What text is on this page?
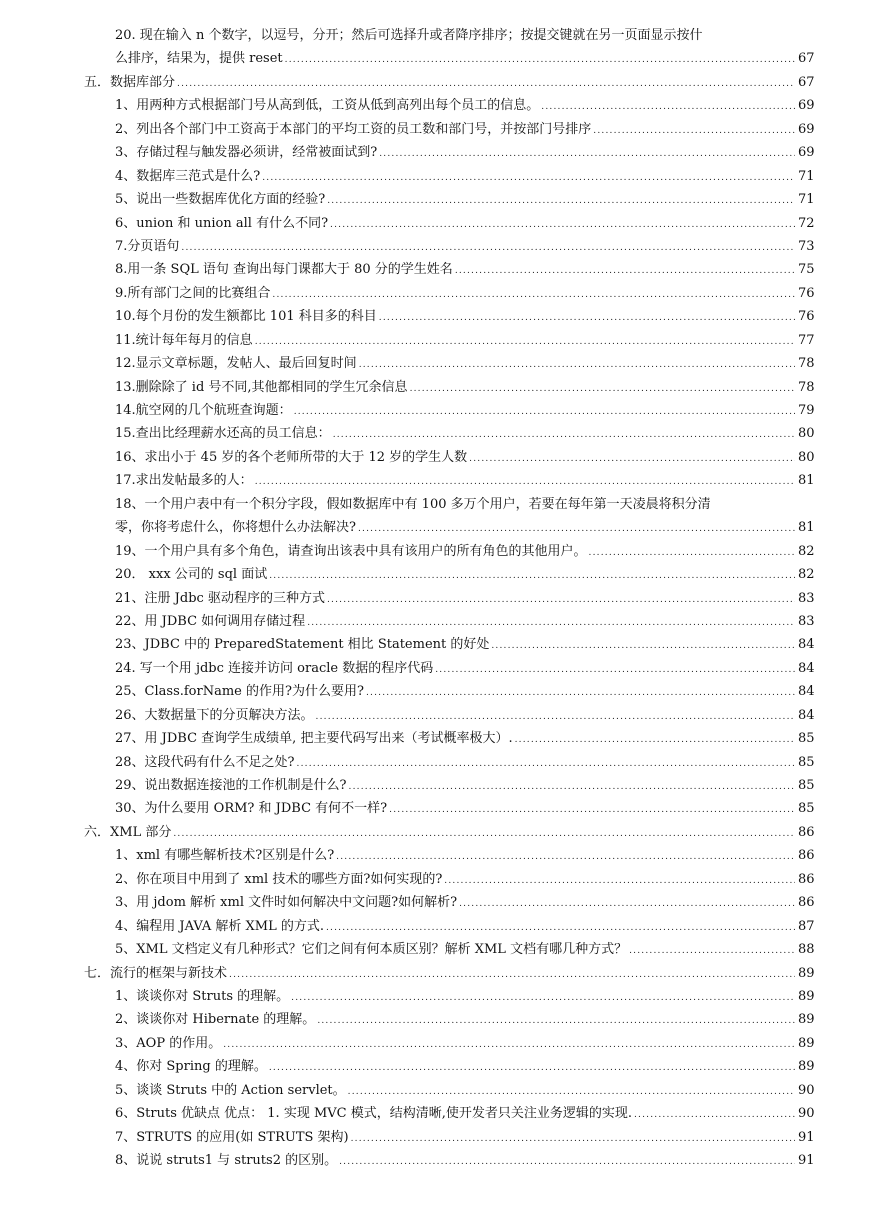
20. 现在输入 n 个数字，以逗号，分开；然后可选择升或者降序排序；按提交键就在另一页面显示按什
么排序，结果为，提供 reset .....	67
五．数据库部分 .....	67
1、用两种方式根据部门号从高到低，工资从低到高列出每个员工的信息。 .....	69
2、列出各个部门中工资高于本部门的平均工资的员工数和部门号，并按部门号排序 .....	69
3、存储过程与触发器必须讲，经常被面试到? .....	69
4、数据库三范式是什么? .....	71
5、说出一些数据库优化方面的经验? .....	71
6、union 和 union all 有什么不同? .....	72
7.分页语句 .....	73
8.用一条 SQL 语句 查询出每门课都大于 80 分的学生姓名 .....	75
9.所有部门之间的比赛组合 .....	76
10.每个月份的发生额都比 101 科目多的科目 .....	76
11.统计每年每月的信息 .....	77
12.显示文章标题，发帖人、最后回复时间 .....	78
13.删除除了 id 号不同,其他都相同的学生冗余信息 .....	78
14.航空网的几个航班查询题： .....	79
15.查出比经理薪水还高的员工信息： .....	80
16、求出小于 45 岁的各个老师所带的大于 12 岁的学生人数 .....	80
17.求出发帖最多的人： .....	81
18、一个用户表中有一个积分字段，假如数据库中有 100 多万个用户，若要在每年第一天凌晨将积分清
零，你将考虑什么，你将想什么办法解决? .....	81
19、一个用户具有多个角色，请查询出该表中具有该用户的所有角色的其他用户。 .....	82
20． xxx 公司的 sql 面试 .....	82
21、注册 Jdbc 驱动程序的三种方式 .....	83
22、用 JDBC 如何调用存储过程 .....	83
23、JDBC 中的 PreparedStatement 相比 Statement 的好处 .....	84
24. 写一个用 jdbc 连接并访问 oracle 数据的程序代码 .....	84
25、Class.forName 的作用?为什么要用? .....	84
26、大数据量下的分页解决方法。 .....	84
27、用 JDBC 查询学生成绩单, 把主要代码写出来（考试概率极大）. .....	85
28、这段代码有什么不足之处? .....	85
29、说出数据连接池的工作机制是什么? .....	85
30、为什么要用 ORM? 和 JDBC 有何不一样? .....	85
六．XML 部分 .....	86
1、xml 有哪些解析技术?区别是什么? .....	86
2、你在项目中用到了 xml 技术的哪些方面?如何实现的? .....	86
3、用 jdom 解析 xml 文件时如何解决中文问题?如何解析? .....	86
4、编程用 JAVA 解析 XML 的方式. .....	87
5、XML 文档定义有几种形式？它们之间有何本质区别？解析 XML 文档有哪几种方式？ .....	88
七．流行的框架与新技术 .....	89
1、谈谈你对 Struts 的理解。 .....	89
2、谈谈你对 Hibernate 的理解。 .....	89
3、AOP 的作用。 .....	89
4、你对 Spring 的理解。 .....	89
5、谈谈 Struts 中的 Action servlet。 .....	90
6、Struts 优缺点 优点： 1. 实现 MVC 模式，结构清晰,使开发者只关注业务逻辑的实现. .....	90
7、STRUTS 的应用(如 STRUTS 架构) .....	91
8、说说 struts1 与 struts2 的区别。 .....	91
